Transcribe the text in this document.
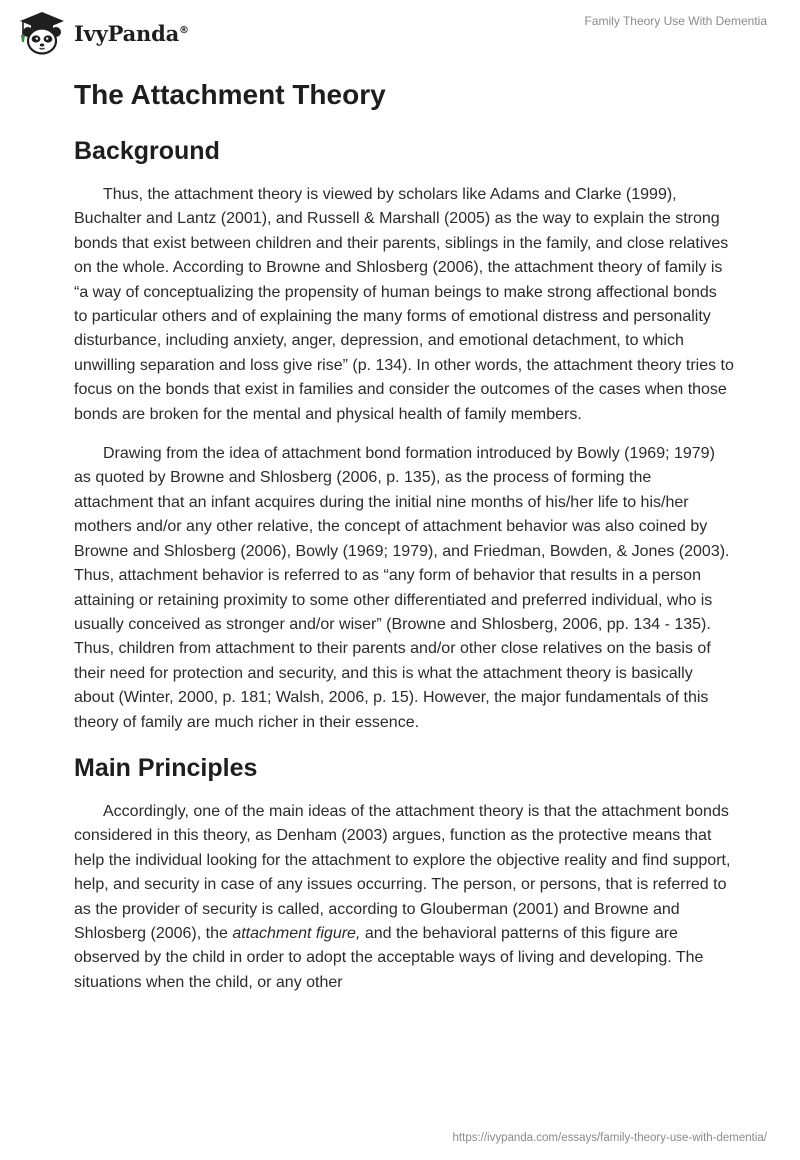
IvyPanda®
Family Theory Use With Dementia
The Attachment Theory
Background

Thus, the attachment theory is viewed by scholars like Adams and Clarke (1999), Buchalter and Lantz (2001), and Russell & Marshall (2005) as the way to explain the strong bonds that exist between children and their parents, siblings in the family, and close relatives on the whole. According to Browne and Shlosberg (2006), the attachment theory of family is “a way of conceptualizing the propensity of human beings to make strong affectional bonds to particular others and of explaining the many forms of emotional distress and personality disturbance, including anxiety, anger, depression, and emotional detachment, to which unwilling separation and loss give rise” (p. 134). In other words, the attachment theory tries to focus on the bonds that exist in families and consider the outcomes of the cases when those bonds are broken for the mental and physical health of family members.

Drawing from the idea of attachment bond formation introduced by Bowly (1969; 1979) as quoted by Browne and Shlosberg (2006, p. 135), as the process of forming the attachment that an infant acquires during the initial nine months of his/her life to his/her mothers and/or any other relative, the concept of attachment behavior was also coined by Browne and Shlosberg (2006), Bowly (1969; 1979), and Friedman, Bowden, & Jones (2003). Thus, attachment behavior is referred to as “any form of behavior that results in a person attaining or retaining proximity to some other differentiated and preferred individual, who is usually conceived as stronger and/or wiser” (Browne and Shlosberg, 2006, pp. 134 - 135). Thus, children from attachment to their parents and/or other close relatives on the basis of their need for protection and security, and this is what the attachment theory is basically about (Winter, 2000, p. 181; Walsh, 2006, p. 15). However, the major fundamentals of this theory of family are much richer in their essence.

Main Principles

Accordingly, one of the main ideas of the attachment theory is that the attachment bonds considered in this theory, as Denham (2003) argues, function as the protective means that help the individual looking for the attachment to explore the objective reality and find support, help, and security in case of any issues occurring. The person, or persons, that is referred to as the provider of security is called, according to Glouberman (2001) and Browne and Shlosberg (2006), the attachment figure, and the behavioral patterns of this figure are observed by the child in order to adopt the acceptable ways of living and developing. The situations when the child, or any other

https://ivypanda.com/essays/family-theory-use-with-dementia/
